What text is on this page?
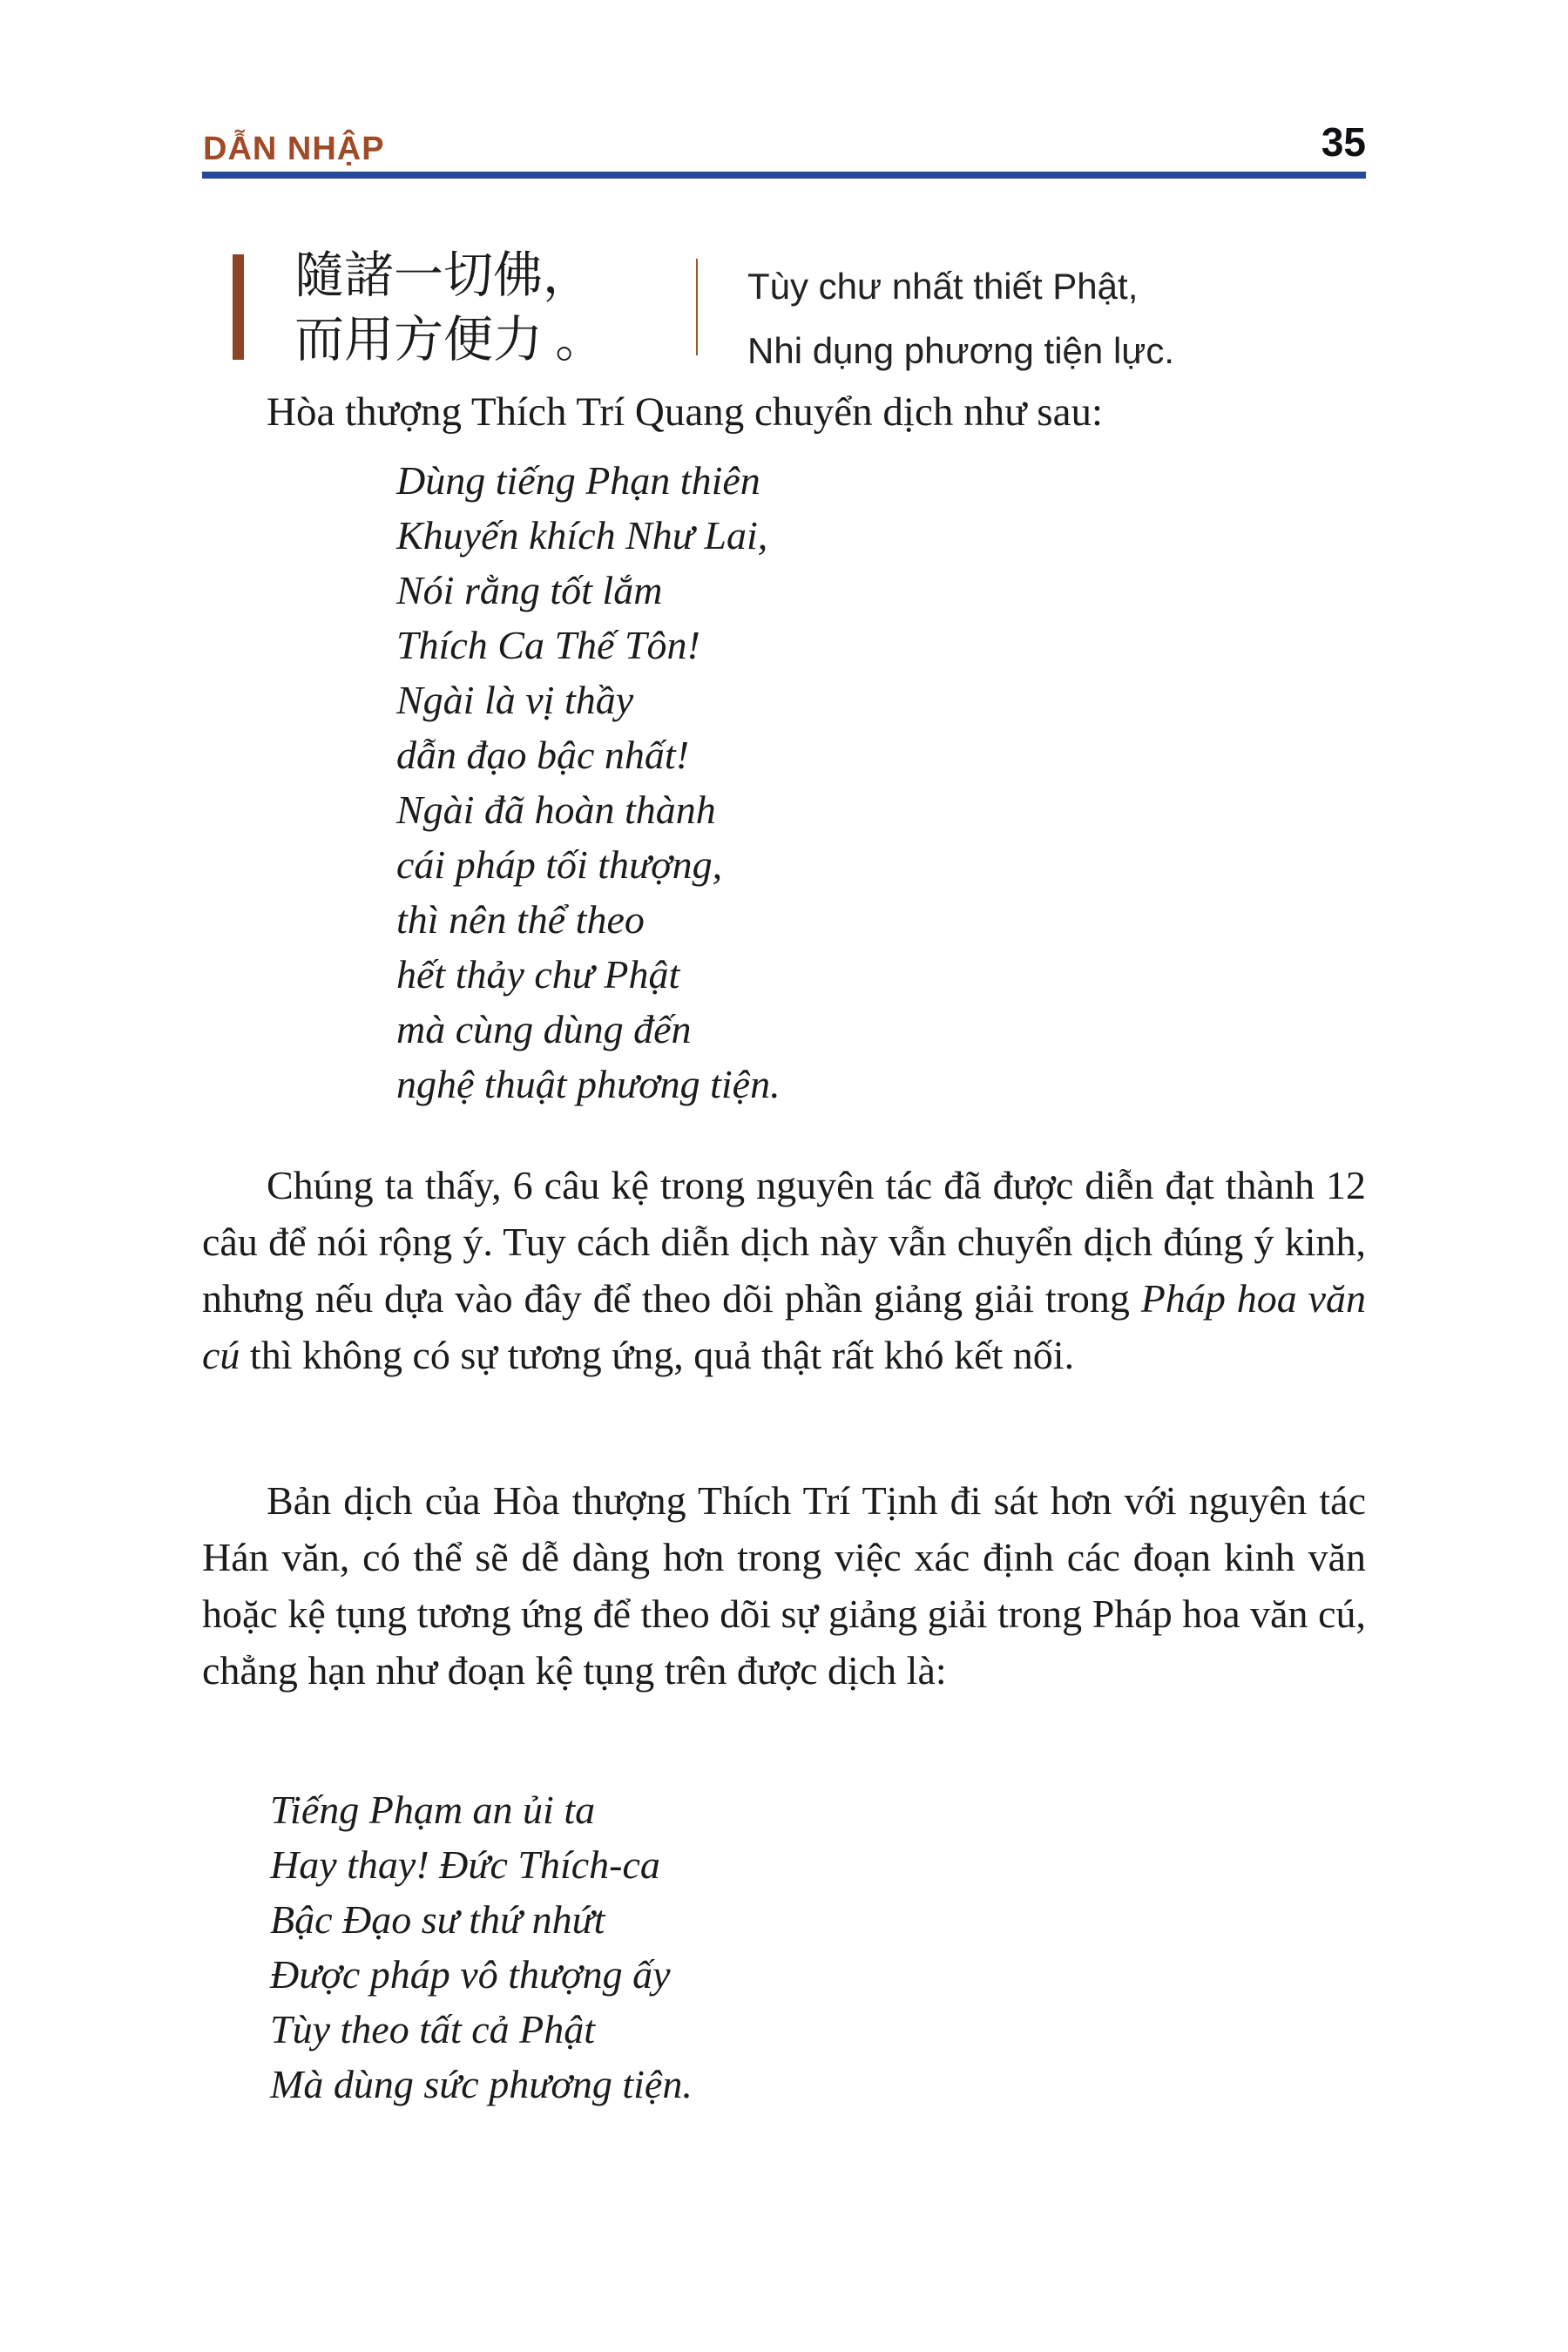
DẪN NHẬP	35
隨諸一切佛，
而用方便力 。
Tùy chư nhất thiết Phật,
Nhi dụng phương tiện lực.

Hòa thượng Thích Trí Quang chuyển dịch như sau:

Dùng tiếng Phạn thiên
Khuyến khích Như Lai,
Nói rằng tốt lắm
Thích Ca Thế Tôn!
Ngài là vị thầy
dẫn đạo bậc nhất!
Ngài đã hoàn thành
cái pháp tối thượng,
thì nên thể theo
hết thảy chư Phật
mà cùng dùng đến
nghệ thuật phương tiện.

Chúng ta thấy, 6 câu kệ trong nguyên tác đã được diễn đạt thành 12 câu để nói rộng ý. Tuy cách diễn dịch này vẫn chuyển dịch đúng ý kinh, nhưng nếu dựa vào đây để theo dõi phần giảng giải trong Pháp hoa văn cú thì không có sự tương ứng, quả thật rất khó kết nối.

Bản dịch của Hòa thượng Thích Trí Tịnh đi sát hơn với nguyên tác Hán văn, có thể sẽ dễ dàng hơn trong việc xác định các đoạn kinh văn hoặc kệ tụng tương ứng để theo dõi sự giảng giải trong Pháp hoa văn cú, chẳng hạn như đoạn kệ tụng trên được dịch là:

Tiếng Phạm an ủi ta
Hay thay! Đức Thích-ca
Bậc Đạo sư thứ nhứt
Được pháp vô thượng ấy
Tùy theo tất cả Phật
Mà dùng sức phương tiện.
